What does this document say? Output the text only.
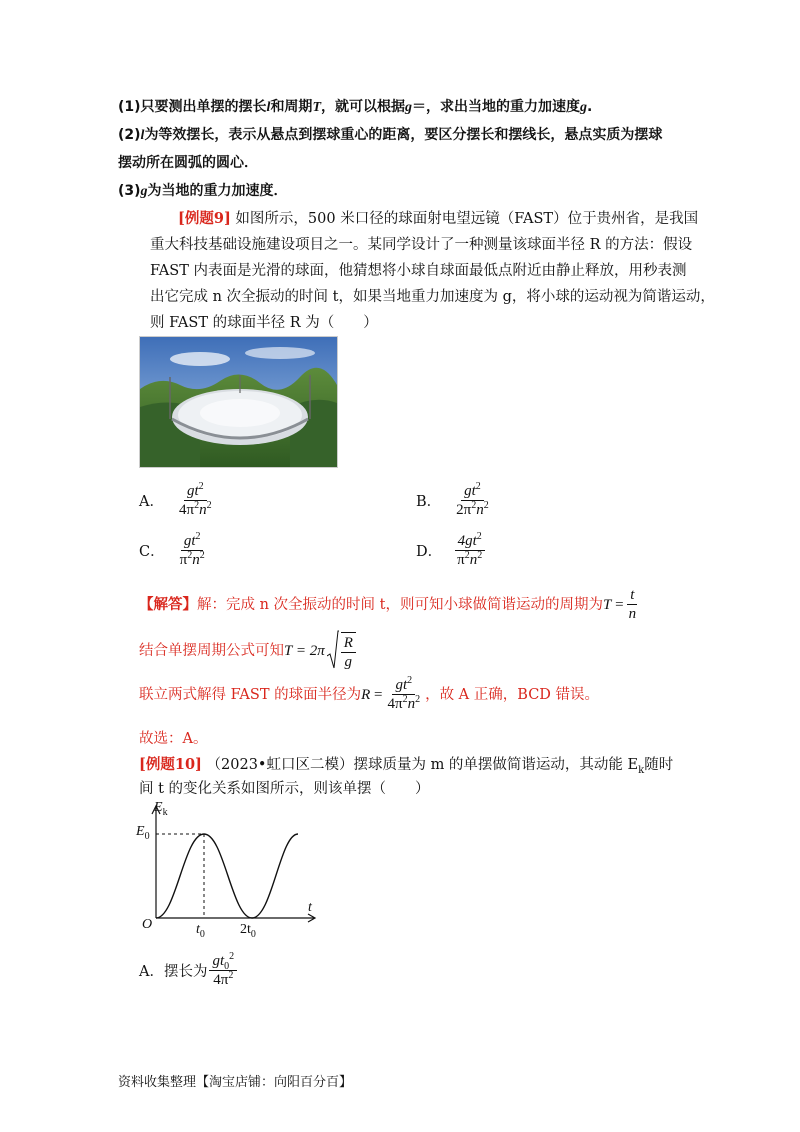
(1)只要测出单摆的摆长l和周期T，就可以根据g＝，求出当地的重力加速度g.
(2)l为等效摆长，表示从悬点到摆球重心的距离，要区分摆长和摆线长，悬点实质为摆球
摆动所在圆弧的圆心．
(3)g为当地的重力加速度．
[例题9] 如图所示，500 米口径的球面射电望远镜（FAST）位于贵州省，是我国
重大科技基础设施建设项目之一。某同学设计了一种测量该球面半径 R 的方法：假设
FAST 内表面是光滑的球面，他猜想将小球自球面最低点附近由静止释放，用秒表测
出它完成 n 次全振动的时间 t，如果当地重力加速度为 g，将小球的运动视为简谐运动，
则 FAST 的球面半径 R 为（　　）
A． $\frac{gt^2}{4\pi^2n^2}$	B． $\frac{gt^2}{2\pi^2n^2}$
C． $\frac{gt^2}{\pi^2n^2}$	D． $\frac{4gt^2}{\pi^2n^2}$
【解答】 解：完成 n 次全振动的时间 t，则可知小球做简谐运动的周期为 $T = \frac{t}{n}$
结合单摆周期公式可知 $T = 2\pi \frac{R}{g}$
联立两式解得 FAST 的球面半径为 $R = \frac{gt^2}{4\pi^2n^2}$ ，故 A 正确，BCD 错误。
故选：A。
[例题10] （2023•虹口区二模）摆球质量为 m 的单摆做简谐运动，其动能 $E_k$随时
间 t 的变化关系如图所示，则该单摆（　　）
$E_k$
$E_0$
t
O	$t_0$	$2t_0$
A．摆长为 $\frac{gt_0^2}{4\pi^2}$
资料收集整理【淘宝店铺：向阳百分百】
